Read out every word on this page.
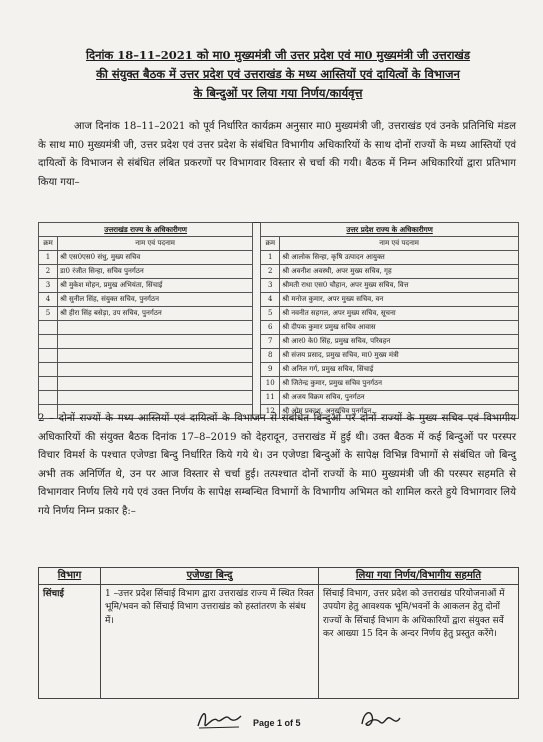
दिनांक 18–11–2021 को मा0 मुख्यमंत्री जी उत्तर प्रदेश एवं मा0 मुख्यमंत्री जी उत्तराखंड
की संयुक्त बैठक में उत्तर प्रदेश एवं उत्तराखंड के मध्य आस्तियों एवं दायित्वों के विभाजन
के बिन्दुओं पर लिया गया निर्णय/कार्यवृत्त
आज दिनांक 18–11–2021 को पूर्व निर्धारित कार्यक्रम अनुसार मा0 मुख्यमंत्री जी, उत्तराखंड एवं उनके प्रतिनिधि मंडल के साथ मा0 मुख्यमंत्री जी, उत्तर प्रदेश एवं उत्तर प्रदेश के संबंधित विभागीय अधिकारियों के साथ दोनों राज्यों के मध्य आस्तियों एवं दायित्वों के विभाजन से संबंधित लंबित प्रकरणों पर विभागवार विस्तार से चर्चा की गयी। बैठक में निम्न अधिकारियों द्वारा प्रतिभाग किया गया–
उत्तराखंड राज्य के अधिकारीगण			उत्तर प्रदेश राज्य के अधिकारीगण	
क्रम	नाम एवं पदनाम		क्रम	नाम एवं पदनाम
1	श्री एस0एस0 संधु, मुख्य सचिव		1	श्री आलोक सिन्हा, कृषि उत्पादन आयुक्त
2	डा0 रंजीत सिन्हा, सचिव पुनर्गठन		2	श्री अवनीश अवस्थी, अपर मुख्य सचिव, गृह
3	श्री मुकेश मोहन, प्रमुख अभियंता, सिंचाई		3	श्रीमती राधा एस0 चौहान, अपर मुख्य सचिव, वित्त
4	श्री सुनील सिंह, संयुक्त सचिव, पुनर्गठन		4	श्री मनोज कुमार, अपर मुख्य सचिव, वन
5	श्री हीरा सिंह बसेड़ा, उप सचिव, पुनर्गठन		5	श्री नवनीत सहगल, अपर मुख्य सचिव, सूचना
			6	श्री दीपक कुमार प्रमुख सचिव आवास
			7	श्री आर0 के0 सिंह, प्रमुख सचिव, परिवहन
			8	श्री संजय प्रसाद, प्रमुख सचिव, मा0 मुख्य मंत्री
			9	श्री अनिल गर्ग, प्रमुख सचिव, सिंचाई
			10	श्री जितेन्द्र कुमार, प्रमुख सचिव पुनर्गठन
			11	श्री अजय विक्रम सचिव, पुनर्गठन
			12	श्री ओम प्रकाश, अनुसचिव पुनर्गठन
2 – दोनों राज्यों के मध्य आस्तियों एवं दायित्वों के विभाजन से संबंधित बिन्दुओं पर दोनों राज्यों के मुख्य सचिव एवं विभागीय अधिकारियों की संयुक्त बैठक दिनांक 17–8–2019 को देहरादून, उत्तराखंड में हुई थी। उक्त बैठक में कई बिन्दुओं पर परस्पर विचार विमर्श के पश्चात एजेण्डा बिन्दु निर्धारित किये गये थे। उन एजेण्डा बिन्दुओं के सापेक्ष विभिन्न विभागों से संबंधित जो बिन्दु अभी तक अनिर्णित थे, उन पर आज विस्तार से चर्चा हुई। तत्पश्चात दोनों राज्यों के मा0 मुख्यमंत्री जी की परस्पर सहमति से विभागवार निर्णय लिये गये एवं उक्त निर्णय के सापेक्ष सम्बन्धित विभागों के विभागीय अभिमत को शामिल करते हुये विभागवार लिये गये निर्णय निम्न प्रकार है:–
विभाग	एजेण्डा बिन्दु	लिया गया निर्णय/विभागीय सहमति
सिंचाई	1 –उत्तर प्रदेश सिंचाई विभाग द्वारा उत्तराखंड राज्य में स्थित रिक्त भूमि/भवन को सिंचाई विभाग उत्तराखंड को हस्तांतरण के संबंध में।	सिंचाई विभाग, उत्तर प्रदेश को उत्तराखंड परियोजनाओं में उपयोग हेतु आवश्यक भूमि/भवनों के आकलन हेतु दोनों राज्यों के सिंचाई विभाग के अधिकारियों द्वारा संयुक्त सर्वे कर आख्या 15 दिन के अन्दर निर्णय हेतु प्रस्तुत करेंगे।
Page 1 of 5
